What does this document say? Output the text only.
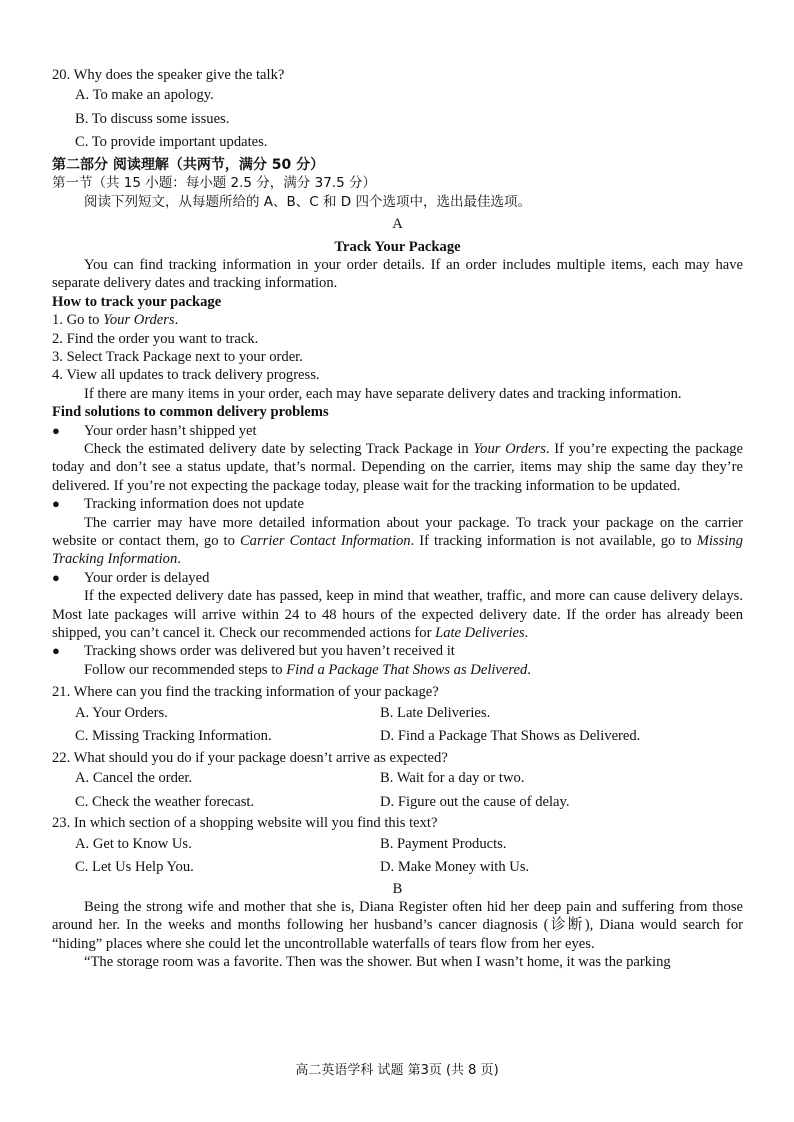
20. Why does the speaker give the talk?

A. To make an apology.

B. To discuss some issues.

C. To provide important updates.

第二部分 阅读理解（共两节，满分 50 分）

第一节（共 15 小题：每小题 2.5 分，满分 37.5 分）

阅读下列短文，从每题所给的 A、B、C 和 D 四个选项中，选出最佳选项。

A

Track Your Package

You can find tracking information in your order details. If an order includes multiple items, each may have separate delivery dates and tracking information.

How to track your package

1. Go to Your Orders.

2. Find the order you want to track.

3. Select Track Package next to your order.

4. View all updates to track delivery progress.

If there are many items in your order, each may have separate delivery dates and tracking information.

Find solutions to common delivery problems

●	Your order hasn’t shipped yet

Check the estimated delivery date by selecting Track Package in Your Orders. If you’re expecting the package today and don’t see a status update, that’s normal. Depending on the carrier, items may ship the same day they’re delivered. If you’re not expecting the package today, please wait for the tracking information to be updated.

●	Tracking information does not update

The carrier may have more detailed information about your package. To track your package on the carrier website or contact them, go to Carrier Contact Information. If tracking information is not available, go to Missing Tracking Information.

●	Your order is delayed

If the expected delivery date has passed, keep in mind that weather, traffic, and more can cause delivery delays. Most late packages will arrive within 24 to 48 hours of the expected delivery date. If the order has already been shipped, you can’t cancel it. Check our recommended actions for Late Deliveries.

●	Tracking shows order was delivered but you haven’t received it

Follow our recommended steps to Find a Package That Shows as Delivered.

21. Where can you find the tracking information of your package?

A. Your Orders.	B. Late Deliveries.
C. Missing Tracking Information.	D. Find a Package That Shows as Delivered.

22. What should you do if your package doesn’t arrive as expected?

A. Cancel the order.	B. Wait for a day or two.
C. Check the weather forecast.	D. Figure out the cause of delay.

23. In which section of a shopping website will you find this text?

A. Get to Know Us.	B. Payment Products.
C. Let Us Help You.	D. Make Money with Us.

B

Being the strong wife and mother that she is, Diana Register often hid her deep pain and suffering from those around her. In the weeks and months following her husband’s cancer diagnosis (诊断), Diana would search for “hiding” places where she could let the uncontrollable waterfalls of tears flow from her eyes.

“The storage room was a favorite. Then was the shower. But when I wasn’t home, it was the parking

高二英语学科 试题 第3页 (共 8 页)
